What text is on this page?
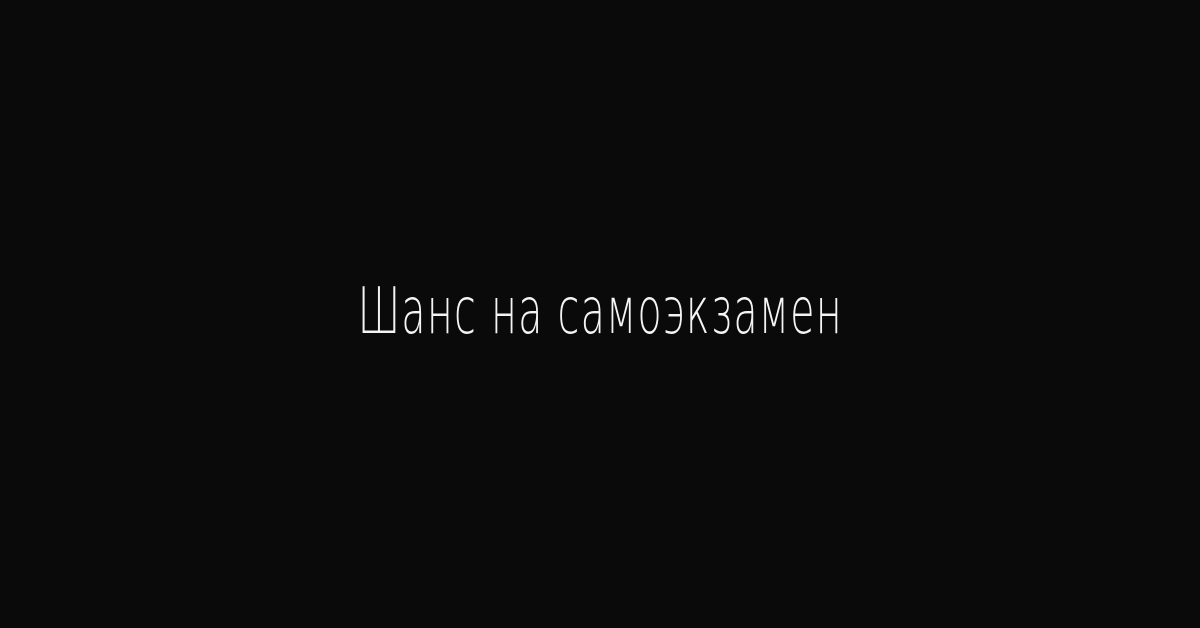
Шанс на самоэкзамен
